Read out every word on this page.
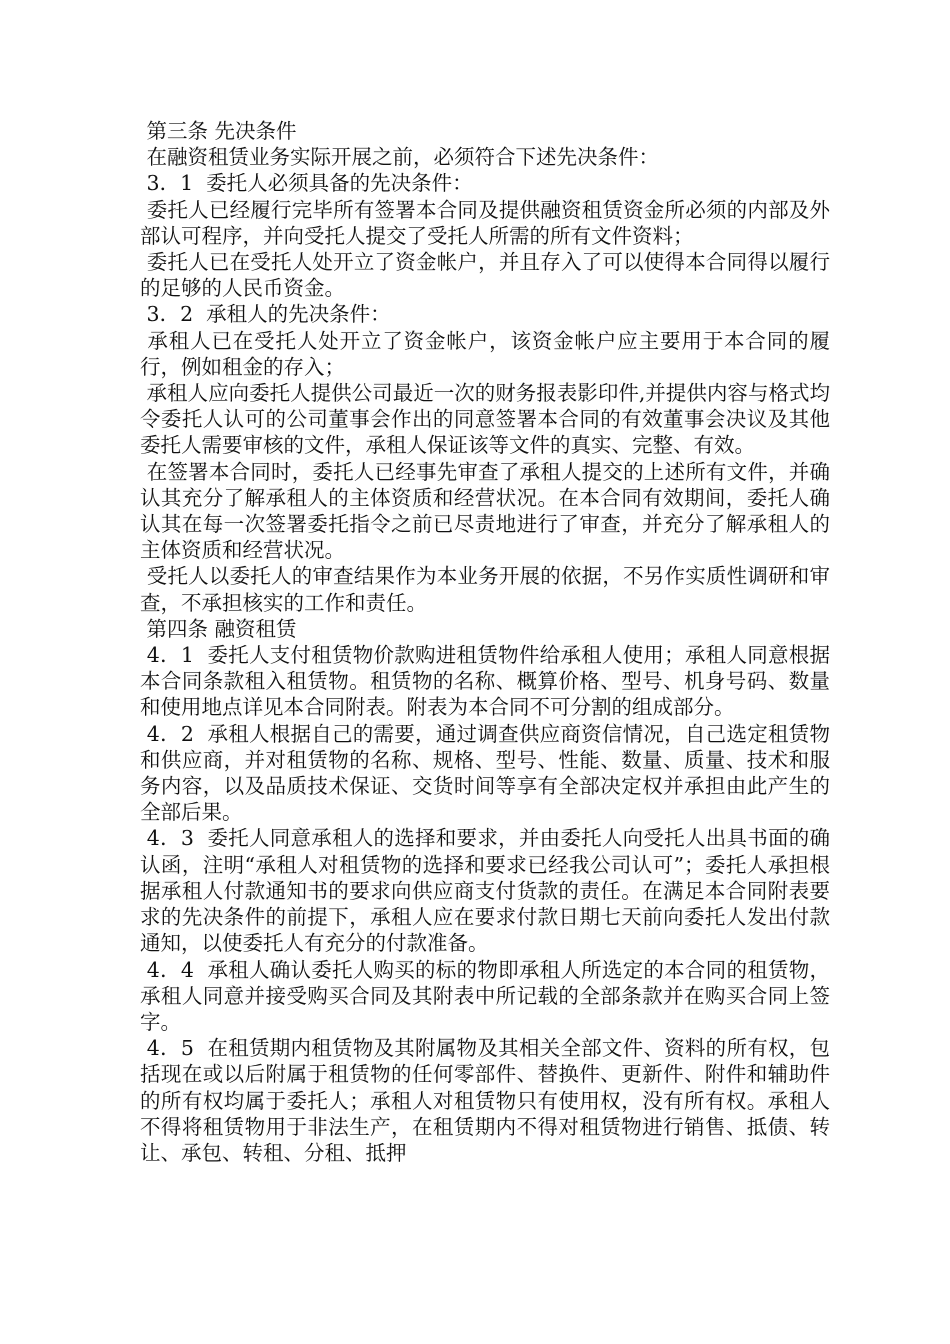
第三条 先决条件

在融资租赁业务实际开展之前，必须符合下述先决条件：

3．1  委托人必须具备的先决条件：

委托人已经履行完毕所有签署本合同及提供融资租赁资金所必须的内部及外部认可程序，并向受托人提交了受托人所需的所有文件资料；

委托人已在受托人处开立了资金帐户，并且存入了可以使得本合同得以履行的足够的人民币资金。

3．2  承租人的先决条件：

承租人已在受托人处开立了资金帐户，该资金帐户应主要用于本合同的履行，例如租金的存入；

承租人应向委托人提供公司最近一次的财务报表影印件,并提供内容与格式均令委托人认可的公司董事会作出的同意签署本合同的有效董事会决议及其他委托人需要审核的文件，承租人保证该等文件的真实、完整、有效。

在签署本合同时，委托人已经事先审查了承租人提交的上述所有文件，并确认其充分了解承租人的主体资质和经营状况。在本合同有效期间，委托人确认其在每一次签署委托指令之前已尽责地进行了审查，并充分了解承租人的主体资质和经营状况。

受托人以委托人的审查结果作为本业务开展的依据，不另作实质性调研和审查，不承担核实的工作和责任。

第四条 融资租赁

4．1  委托人支付租赁物价款购进租赁物件给承租人使用；承租人同意根据本合同条款租入租赁物。租赁物的名称、概算价格、型号、机身号码、数量和使用地点详见本合同附表。附表为本合同不可分割的组成部分。

4．2  承租人根据自己的需要，通过调查供应商资信情况，自己选定租赁物和供应商，并对租赁物的名称、规格、型号、性能、数量、质量、技术和服务内容，以及品质技术保证、交货时间等享有全部决定权并承担由此产生的全部后果。

4．3  委托人同意承租人的选择和要求，并由委托人向受托人出具书面的确认函，注明“承租人对租赁物的选择和要求已经我公司认可”；委托人承担根据承租人付款通知书的要求向供应商支付货款的责任。在满足本合同附表要求的先决条件的前提下，承租人应在要求付款日期七天前向委托人发出付款通知，以使委托人有充分的付款准备。

4．4  承租人确认委托人购买的标的物即承租人所选定的本合同的租赁物，承租人同意并接受购买合同及其附表中所记载的全部条款并在购买合同上签字。

4．5  在租赁期内租赁物及其附属物及其相关全部文件、资料的所有权，包括现在或以后附属于租赁物的任何零部件、替换件、更新件、附件和辅助件的所有权均属于委托人；承租人对租赁物只有使用权，没有所有权。承租人不得将租赁物用于非法生产，在租赁期内不得对租赁物进行销售、抵债、转让、承包、转租、分租、抵押
